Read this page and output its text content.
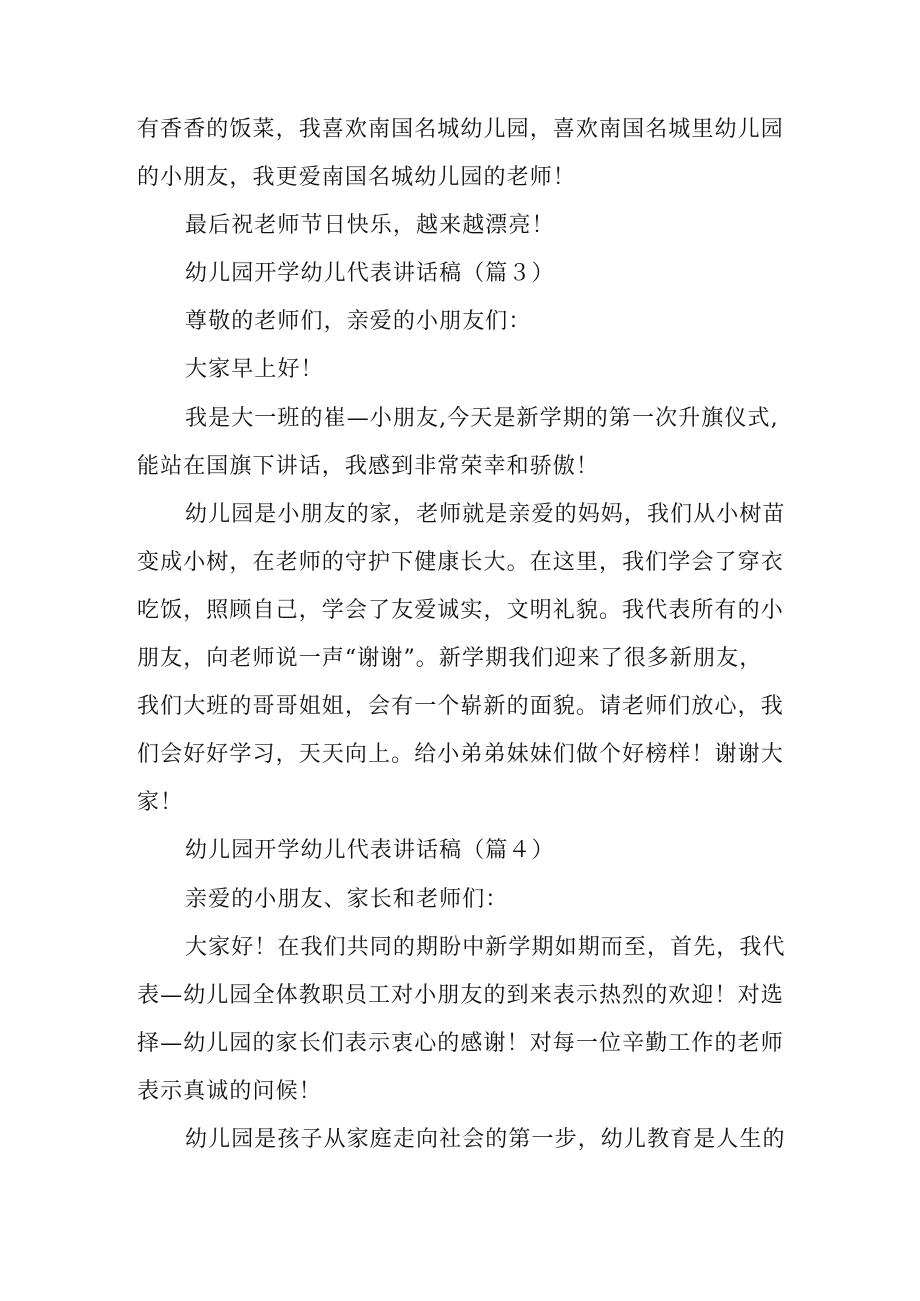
有香香的饭菜，我喜欢南国名城幼儿园，喜欢南国名城里幼儿园
的小朋友，我更爱南国名城幼儿园的老师！

最后祝老师节日快乐，越来越漂亮！

幼儿园开学幼儿代表讲话稿（篇３）

尊敬的老师们，亲爱的小朋友们：

大家早上好！

我是大一班的崔—小朋友,今天是新学期的第一次升旗仪式,
能站在国旗下讲话，我感到非常荣幸和骄傲！

幼儿园是小朋友的家，老师就是亲爱的妈妈，我们从小树苗
变成小树，在老师的守护下健康长大。在这里，我们学会了穿衣
吃饭，照顾自己，学会了友爱诚实，文明礼貌。我代表所有的小
朋友，向老师说一声“谢谢”。新学期我们迎来了很多新朋友，
我们大班的哥哥姐姐，会有一个崭新的面貌。请老师们放心，我
们会好好学习，天天向上。给小弟弟妹妹们做个好榜样！谢谢大
家！

幼儿园开学幼儿代表讲话稿（篇４）

亲爱的小朋友、家长和老师们：

大家好！在我们共同的期盼中新学期如期而至，首先，我代
表—幼儿园全体教职员工对小朋友的到来表示热烈的欢迎！对选
择—幼儿园的家长们表示衷心的感谢！对每一位辛勤工作的老师
表示真诚的问候！

幼儿园是孩子从家庭走向社会的第一步，幼儿教育是人生的
